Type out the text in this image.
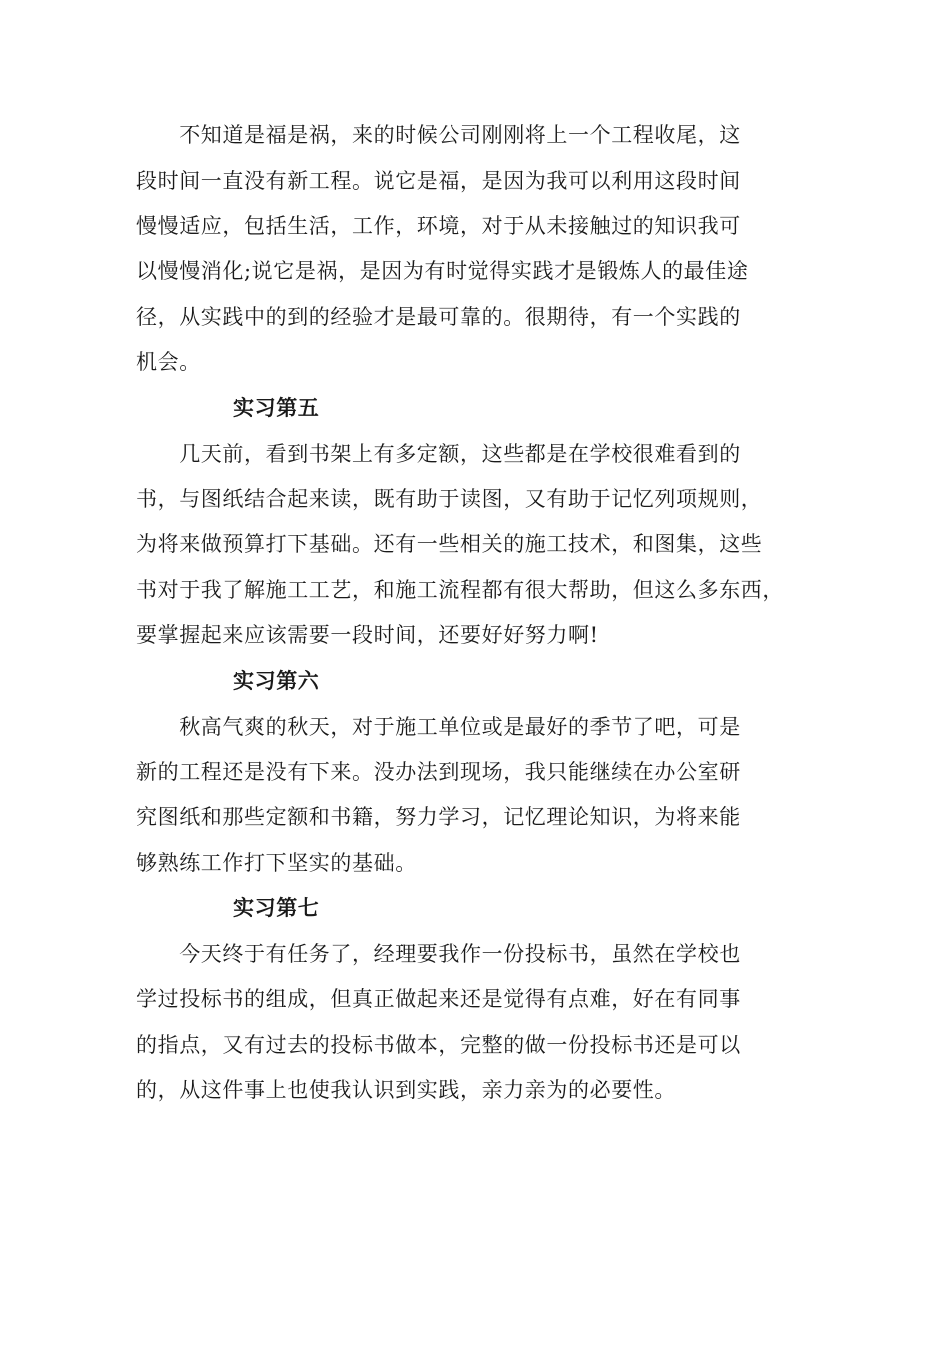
　　不知道是福是祸，来的时候公司刚刚将上一个工程收尾，这

段时间一直没有新工程。说它是福，是因为我可以利用这段时间

慢慢适应，包括生活，工作，环境，对于从未接触过的知识我可

以慢慢消化;说它是祸，是因为有时觉得实践才是锻炼人的最佳途

径，从实践中的到的经验才是最可靠的。很期待，有一个实践的

机会。

实习第五

　　几天前，看到书架上有多定额，这些都是在学校很难看到的

书，与图纸结合起来读，既有助于读图，又有助于记忆列项规则，

为将来做预算打下基础。还有一些相关的施工技术，和图集，这些

书对于我了解施工工艺，和施工流程都有很大帮助，但这么多东西，

要掌握起来应该需要一段时间，还要好好努力啊!

实习第六

　　秋高气爽的秋天，对于施工单位或是最好的季节了吧，可是

新的工程还是没有下来。没办法到现场，我只能继续在办公室研

究图纸和那些定额和书籍，努力学习，记忆理论知识，为将来能

够熟练工作打下坚实的基础。

实习第七

　　今天终于有任务了，经理要我作一份投标书，虽然在学校也

学过投标书的组成，但真正做起来还是觉得有点难，好在有同事

的指点，又有过去的投标书做本，完整的做一份投标书还是可以

的，从这件事上也使我认识到实践，亲力亲为的必要性。
